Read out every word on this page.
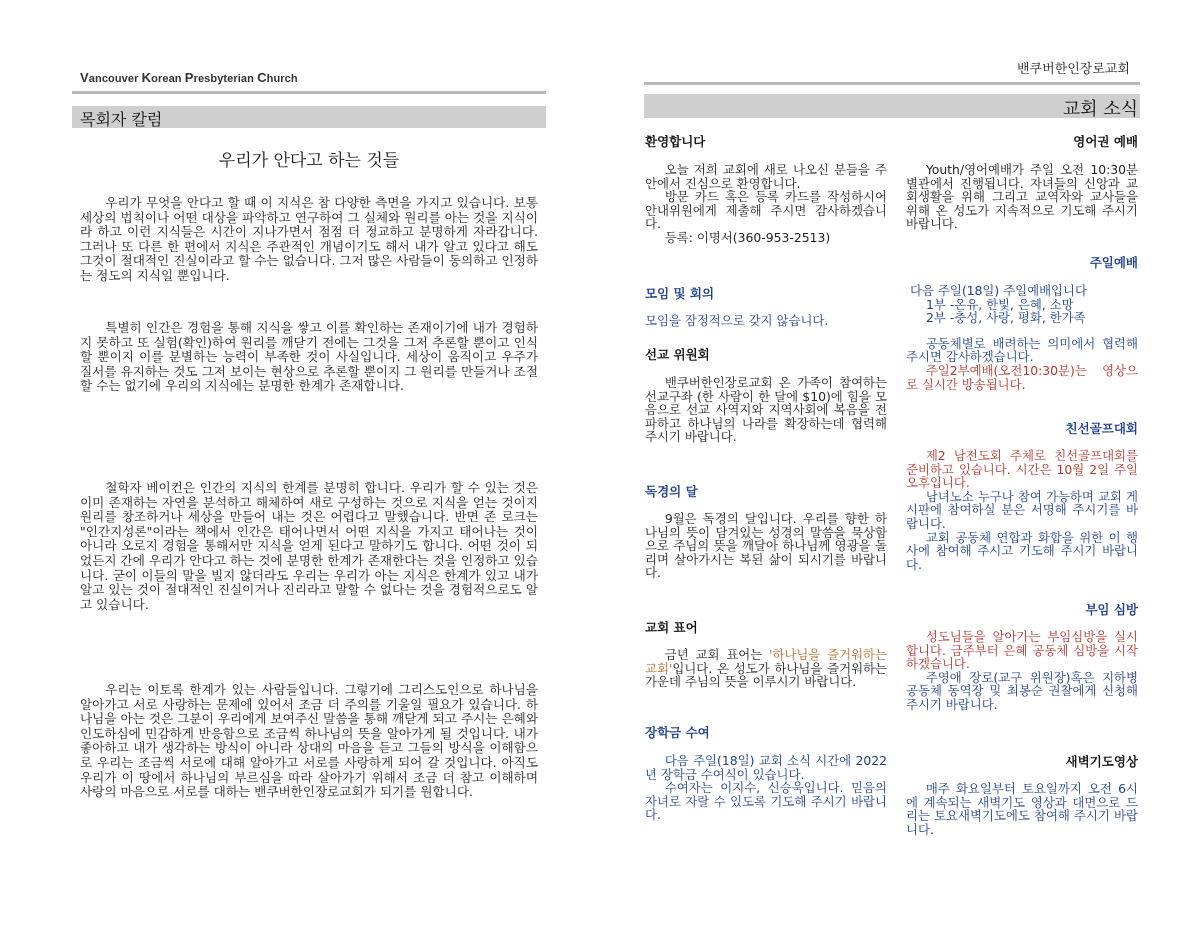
Vancouver Korean Presbyterian Church
목회자 칼럼
우리가 안다고 하는 것들

우리가 무엇을 안다고 할 때 이 지식은 참 다양한 측면을 가지고 있습니다. 보통 세상의 법칙이나 어떤 대상을 파악하고 연구하여 그 실체와 원리를 아는 것을 지식이라 하고 이런 지식들은 시간이 지나가면서 점점 더 정교하고 분명하게 자라갑니다. 그러나 또 다른 한 편에서 지식은 주관적인 개념이기도 해서 내가 알고 있다고 해도 그것이 절대적인 진실이라고 할 수는 없습니다. 그저 많은 사람들이 동의하고 인정하는 정도의 지식일 뿐입니다.

특별히 인간은 경험을 통해 지식을 쌓고 이를 확인하는 존재이기에 내가 경험하지 못하고 또 실험(확인)하여 원리를 깨닫기 전에는 그것을 그저 추론할 뿐이고 인식할 뿐이지 이를 분별하는 능력이 부족한 것이 사실입니다. 세상이 움직이고 우주가 질서를 유지하는 것도 그저 보이는 현상으로 추론할 뿐이지 그 원리를 만들거나 조절할 수는 없기에 우리의 지식에는 분명한 한계가 존재합니다.

철학자 베이컨은 인간의 지식의 한계를 분명히 합니다. 우리가 할 수 있는 것은 이미 존재하는 자연을 분석하고 해체하여 새로 구성하는 것으로 지식을 얻는 것이지 원리를 창조하거나 세상을 만들어 내는 것은 어렵다고 말했습니다. 반면 존 로크는 "인간지성론"이라는 책에서 인간은 태어나면서 어떤 지식을 가지고 태어나는 것이 아니라 오로지 경험을 통해서만 지식을 얻게 된다고 말하기도 합니다. 어떤 것이 되었든지 간에 우리가 안다고 하는 것에 분명한 한계가 존재한다는 것을 인정하고 있습니다. 굳이 이들의 말을 빌지 않더라도 우리는 우리가 아는 지식은 한계가 있고 내가 알고 있는 것이 절대적인 진실이거나 진리라고 말할 수 없다는 것을 경험적으로도 알고 있습니다.

우리는 이토록 한계가 있는 사람들입니다. 그렇기에 그리스도인으로 하나님을 알아가고 서로 사랑하는 문제에 있어서 조금 더 주의를 기울일 필요가 있습니다. 하나님을 아는 것은 그분이 우리에게 보여주신 말씀을 통해 깨닫게 되고 주시는 은혜와 인도하심에 민감하게 반응함으로 조금씩 하나님의 뜻을 알아가게 될 것입니다. 내가 좋아하고 내가 생각하는 방식이 아니라 상대의 마음을 듣고 그들의 방식을 이해함으로 우리는 조금씩 서로에 대해 알아가고 서로를 사랑하게 되어 갈 것입니다. 아직도 우리가 이 땅에서 하나님의 부르심을 따라 살아가기 위해서 조금 더 참고 이해하며 사랑의 마음으로 서로를 대하는 밴쿠버한인장로교회가 되기를 원합니다.

밴쿠버한인장로교회
교회 소식
환영합니다

오늘 저희 교회에 새로 나오신 분들을 주 안에서 진심으로 환영합니다.

방문 카드 혹은 등록 카드를 작성하시어 안내위원에게 제출해 주시면 감사하겠습니다.

등록: 이명서(360-953-2513)

모임 및 회의
모임을 잠정적으로 갖지 않습니다.
선교 위원회

밴쿠버한인장로교회 온 가족이 참여하는 선교구좌 (한 사람이 한 달에 $10)에 힘을 모음으로 선교 사역지와 지역사회에 복음을 전파하고 하나님의 나라를 확장하는데 협력해 주시기 바랍니다.

독경의 달

9월은 독경의 달입니다. 우리를 향한 하나님의 뜻이 담겨있는 성경의 말씀을 묵상함으로 주님의 뜻을 깨달아 하나님께 영광을 돌리며 살아가시는 복된 삶이 되시기를 바랍니다.

교회 표어

금년 교회 표어는 '하나님을 즐거워하는 교회'입니다. 온 성도가 하나님을 즐거워하는 가운데 주님의 뜻을 이루시기 바랍니다.

장학금 수여

다음 주일(18일) 교회 소식 시간에 2022년 장학금 수여식이 있습니다.

수여자는 이지수, 신승욱입니다. 믿음의 자녀로 자랄 수 있도록 기도해 주시기 바랍니다.

영어권 예배

Youth/영어예배가 주일 오전 10:30분 별관에서 진행됩니다. 자녀들의 신앙과 교회생활을 위해 그리고 교역자와 교사들을 위해 온 성도가 지속적으로 기도해 주시기 바랍니다.

주일예배

다음 주일(18일) 주일예배입니다

1부 -온유, 한빛, 은혜, 소망

2부 -충성, 사랑, 평화, 한가족

공동체별로 배려하는 의미에서 협력해 주시면 감사하겠습니다.

주일2부예배(오전10:30분)는 영상으로 실시간 방송됩니다.

친선골프대회

제2 남전도회 주체로 친선골프대회를 준비하고 있습니다. 시간은 10월 2일 주일 오후입니다.

남녀노소 누구나 참여 가능하며 교회 게시판에 참여하실 분은 서명해 주시기를 바랍니다.

교회 공동체 연합과 화합을 위한 이 행사에 참여해 주시고 기도해 주시기 바랍니다.

부임 심방

성도님들을 알아가는 부임심방을 실시합니다. 금주부터 은혜 공동체 심방을 시작하겠습니다.

주영애 장로(교구 위원장)혹은 지하병 공동체 동역장 및 최봉순 권찰에게 신청해 주시기 바랍니다.

새벽기도영상

매주 화요일부터 토요일까지 오전 6시에 계속되는 새벽기도 영상과 대면으로 드리는 토요새벽기도에도 참여해 주시기 바랍니다.
